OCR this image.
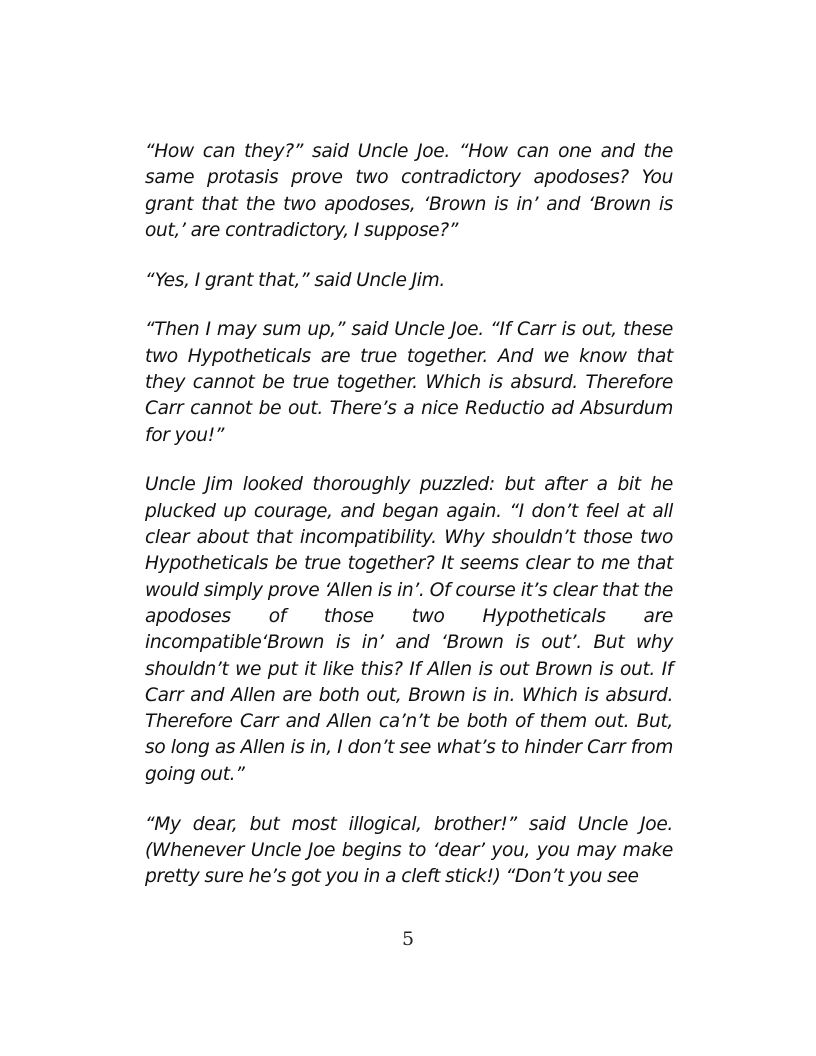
“How can they?” said Uncle Joe. “How can one and the same protasis prove two contradictory apodoses? You grant that the two apodoses, ‘Brown is in’ and ‘Brown is out,’ are contradictory, I suppose?”

“Yes, I grant that,” said Uncle Jim.

“Then I may sum up,” said Uncle Joe. “If Carr is out, these two Hypotheticals are true together. And we know that they cannot be true together. Which is absurd. Therefore Carr cannot be out. There’s a nice Reductio ad Absurdum for you!”

Uncle Jim looked thoroughly puzzled: but after a bit he plucked up courage, and began again. “I don’t feel at all clear about that incompatibility. Why shouldn’t those two Hypotheticals be true together? It seems clear to me that would simply prove ‘Allen is in’. Of course it’s clear that the apodoses of those two Hypotheticals are incompatible‘Brown is in’ and ‘Brown is out’. But why shouldn’t we put it like this? If Allen is out Brown is out. If Carr and Allen are both out, Brown is in. Which is absurd. Therefore Carr and Allen ca’n’t be both of them out. But, so long as Allen is in, I don’t see what’s to hinder Carr from going out.”

“My dear, but most illogical, brother!” said Uncle Joe. (Whenever Uncle Joe begins to ‘dear’ you, you may make pretty sure he’s got you in a cleft stick!) “Don’t you see

5
